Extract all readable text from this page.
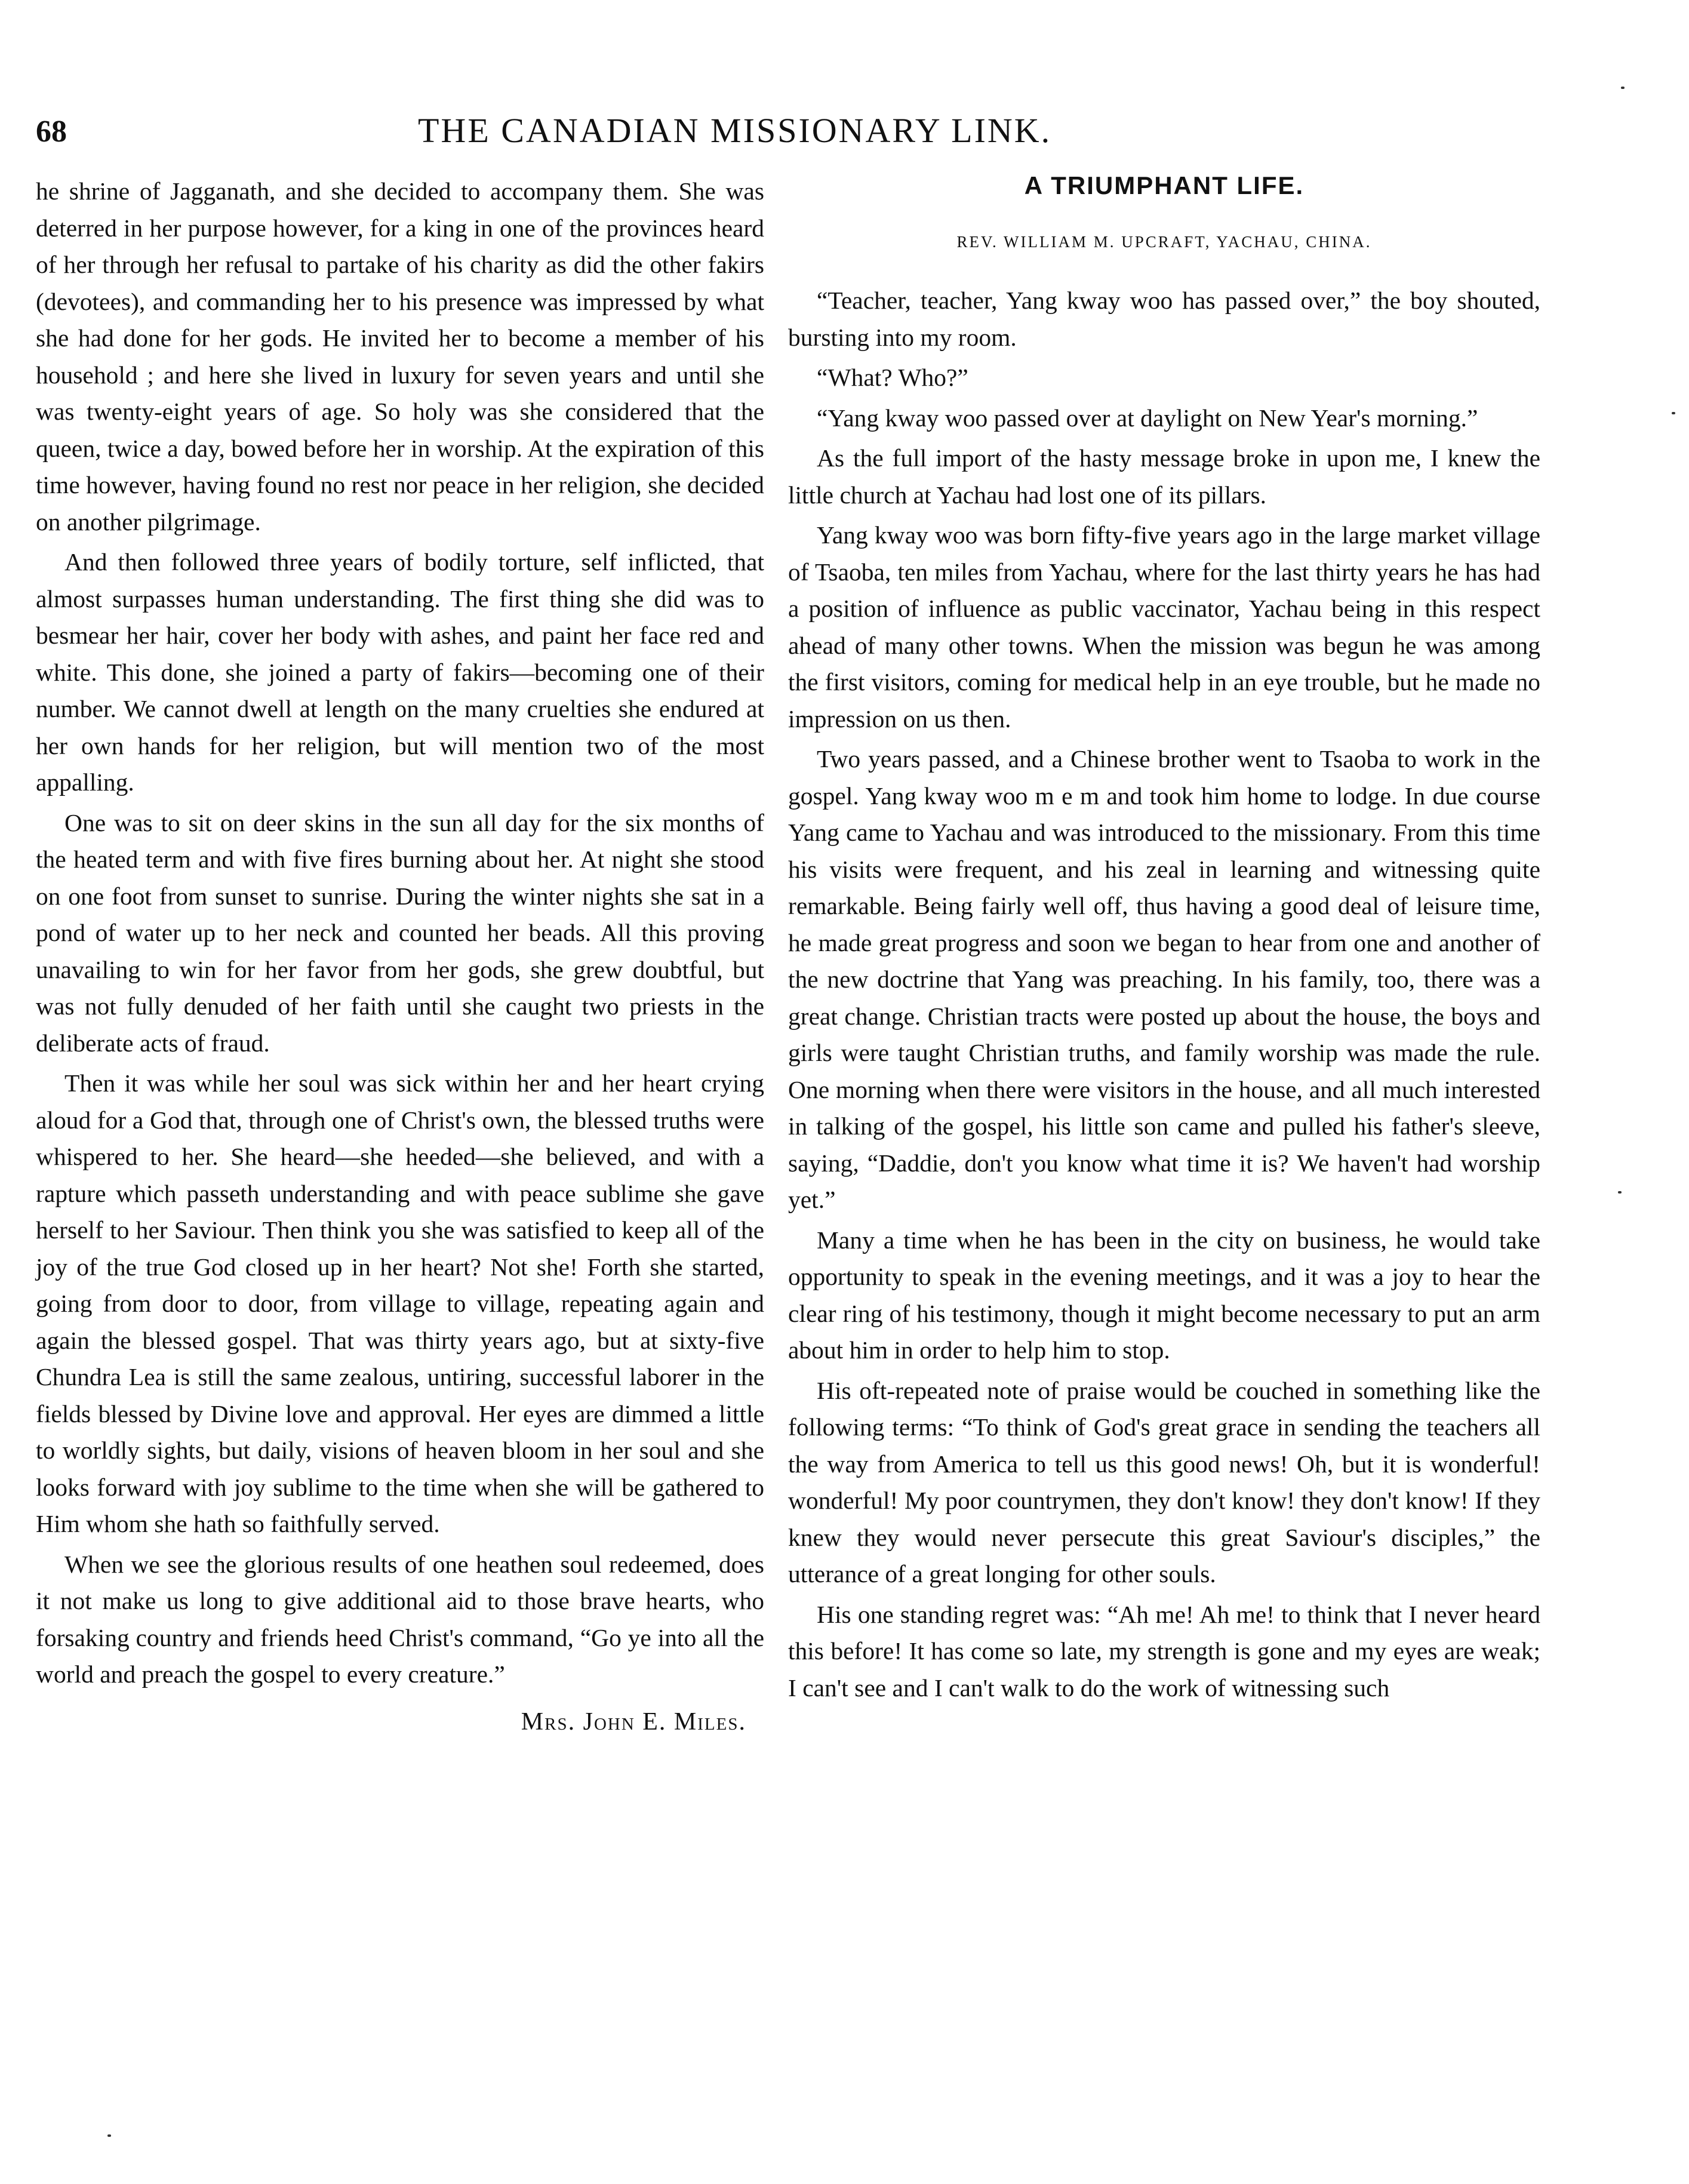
68	THE CANADIAN MISSIONARY LINK.

he shrine of Jagganath, and she decided to accompany them. She was deterred in her purpose however, for a king in one of the provinces heard of her through her refusal to partake of his charity as did the other fakirs (devotees), and commanding her to his presence was impressed by what she had done for her gods. He invited her to become a member of his household ; and here she lived in luxury for seven years and until she was twenty-eight years of age. So holy was she considered that the queen, twice a day, bowed before her in worship. At the expiration of this time however, having found no rest nor peace in her religion, she decided on another pilgrimage.

And then followed three years of bodily torture, self inflicted, that almost surpasses human understanding. The first thing she did was to besmear her hair, cover her body with ashes, and paint her face red and white. This done, she joined a party of fakirs—becoming one of their number. We cannot dwell at length on the many cruelties she endured at her own hands for her religion, but will mention two of the most appalling.

One was to sit on deer skins in the sun all day for the six months of the heated term and with five fires burning about her. At night she stood on one foot from sunset to sunrise. During the winter nights she sat in a pond of water up to her neck and counted her beads. All this proving unavailing to win for her favor from her gods, she grew doubtful, but was not fully denuded of her faith until she caught two priests in the deliberate acts of fraud.

Then it was while her soul was sick within her and her heart crying aloud for a God that, through one of Christ's own, the blessed truths were whispered to her. She heard—she heeded—she believed, and with a rapture which passeth understanding and with peace sublime she gave herself to her Saviour. Then think you she was satisfied to keep all of the joy of the true God closed up in her heart? Not she! Forth she started, going from door to door, from village to village, repeating again and again the blessed gospel. That was thirty years ago, but at sixty-five Chundra Lea is still the same zealous, untiring, successful laborer in the fields blessed by Divine love and approval. Her eyes are dimmed a little to worldly sights, but daily, visions of heaven bloom in her soul and she looks forward with joy sublime to the time when she will be gathered to Him whom she hath so faithfully served.

When we see the glorious results of one heathen soul redeemed, does it not make us long to give additional aid to those brave hearts, who forsaking country and friends heed Christ's command, “Go ye into all the world and preach the gospel to every creature.”

Mrs. John E. Miles.
A TRIUMPHANT LIFE.
REV. WILLIAM M. UPCRAFT, YACHAU, CHINA.

“Teacher, teacher, Yang kway woo has passed over,” the boy shouted, bursting into my room.

“What? Who?”

“Yang kway woo passed over at daylight on New Year's morning.”

As the full import of the hasty message broke in upon me, I knew the little church at Yachau had lost one of its pillars.

Yang kway woo was born fifty-five years ago in the large market village of Tsaoba, ten miles from Yachau, where for the last thirty years he has had a position of influence as public vaccinator, Yachau being in this respect ahead of many other towns. When the mission was begun he was among the first visitors, coming for medical help in an eye trouble, but he made no impression on us then.

Two years passed, and a Chinese brother went to Tsaoba to work in the gospel. Yang kway woo m e m and took him home to lodge. In due course Yang came to Yachau and was introduced to the missionary. From this time his visits were frequent, and his zeal in learning and witnessing quite remarkable. Being fairly well off, thus having a good deal of leisure time, he made great progress and soon we began to hear from one and another of the new doctrine that Yang was preaching. In his family, too, there was a great change. Christian tracts were posted up about the house, the boys and girls were taught Christian truths, and family worship was made the rule. One morning when there were visitors in the house, and all much interested in talking of the gospel, his little son came and pulled his father's sleeve, saying, “Daddie, don't you know what time it is? We haven't had worship yet.”

Many a time when he has been in the city on business, he would take opportunity to speak in the evening meetings, and it was a joy to hear the clear ring of his testimony, though it might become necessary to put an arm about him in order to help him to stop.

His oft-repeated note of praise would be couched in something like the following terms: “To think of God's great grace in sending the teachers all the way from America to tell us this good news! Oh, but it is wonderful! wonderful! My poor countrymen, they don't know! they don't know! If they knew they would never persecute this great Saviour's disciples,” the utterance of a great longing for other souls.

His one standing regret was: “Ah me! Ah me! to think that I never heard this before! It has come so late, my strength is gone and my eyes are weak; I can't see and I can't walk to do the work of witnessing such
